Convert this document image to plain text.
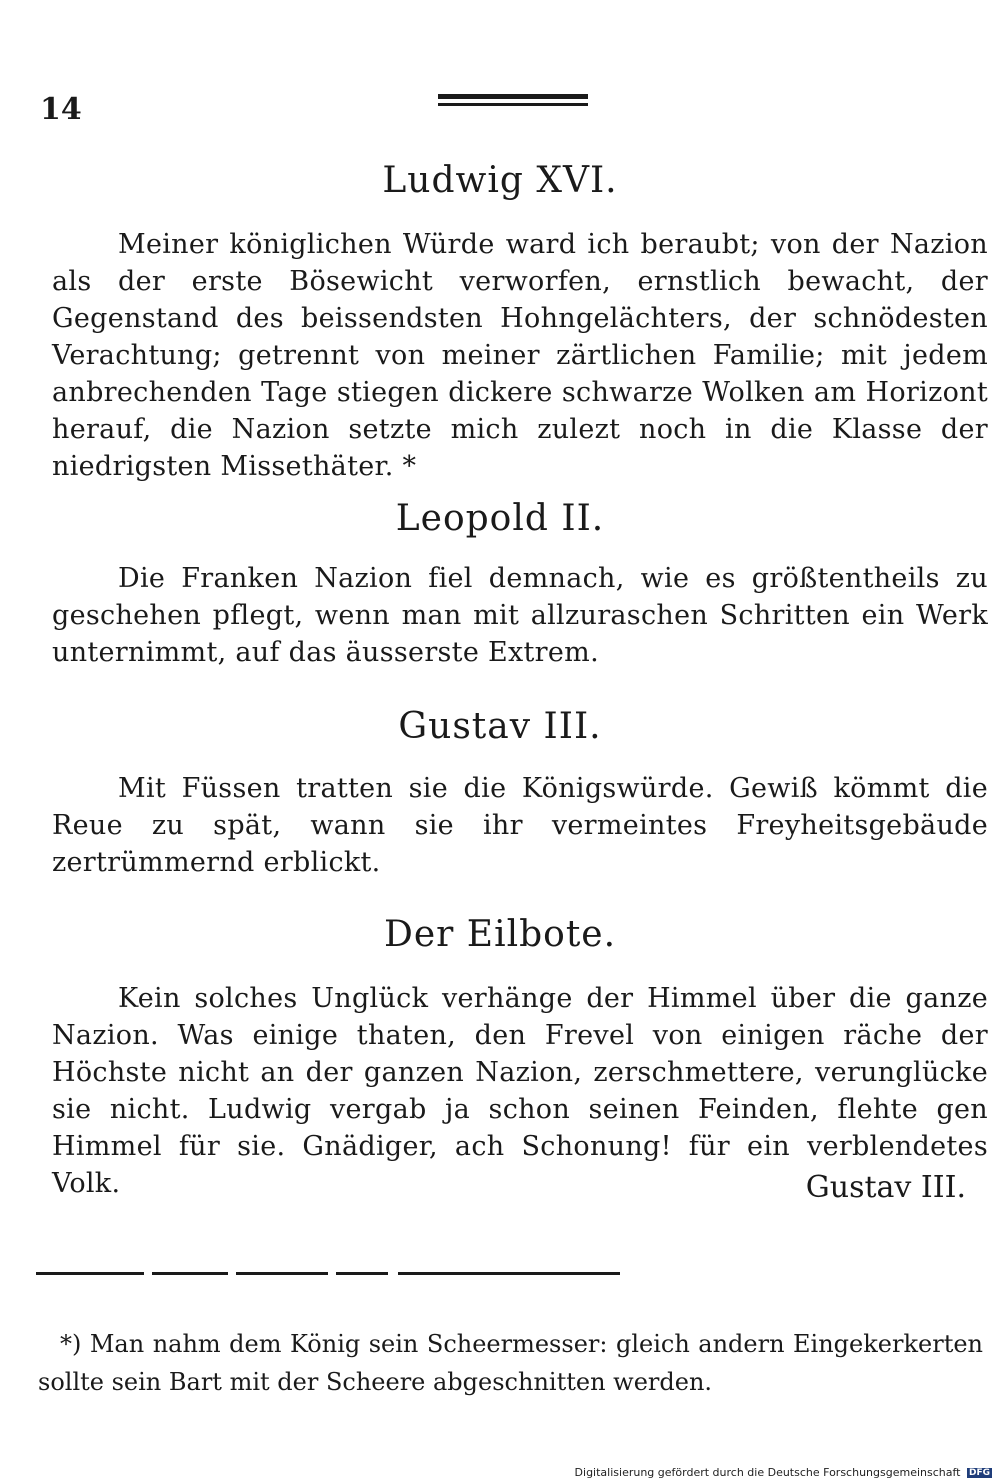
14
Ludwig XVI.

Meiner königlichen Würde ward ich beraubt; von der Nazion als der erste Bösewicht verworfen, ernstlich bewacht, der Gegenstand des beissendsten Hohngelächters, der schnödesten Verachtung; getrennt von meiner zärtlichen Familie; mit jedem anbrechenden Tage stiegen dickere schwarze Wolken am Horizont herauf, die Nazion setzte mich zulezt noch in die Klasse der niedrigsten Missethäter. *

Leopold II.

Die Franken Nazion fiel demnach, wie es größtentheils zu geschehen pflegt, wenn man mit allzuraschen Schritten ein Werk unternimmt, auf das äusserste Extrem.

Gustav III.

Mit Füssen tratten sie die Königswürde. Gewiß kömmt die Reue zu spät, wann sie ihr vermeintes Freyheitsgebäude zertrümmernd erblickt.

Der Eilbote.

Kein solches Unglück verhänge der Himmel über die ganze Nazion. Was einige thaten, den Frevel von einigen räche der Höchste nicht an der ganzen Nazion, zerschmettere, verunglücke sie nicht. Ludwig vergab ja schon seinen Feinden, flehte gen Himmel für sie. Gnädiger, ach Schonung! für ein verblendetes Volk.	Gustav III.

*) Man nahm dem König sein Scheermesser: gleich andern Eingekerkerten sollte sein Bart mit der Scheere abgeschnitten werden.

Digitalisierung gefördert durch die Deutsche Forschungsgemeinschaft DFG
